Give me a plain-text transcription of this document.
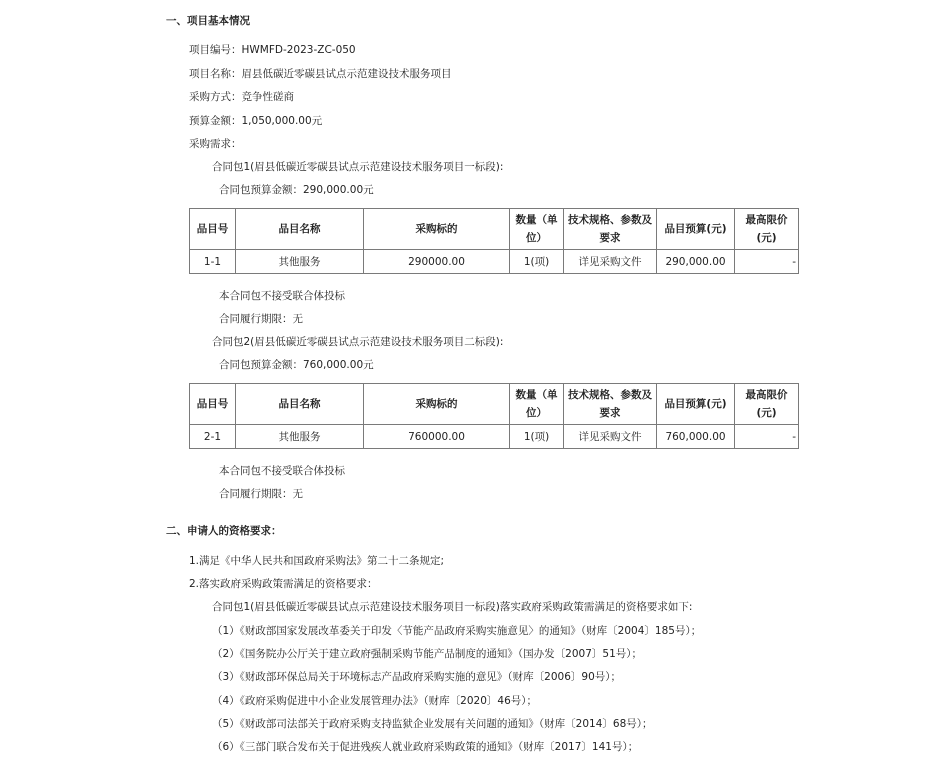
一、项目基本情况
项目编号：HWMFD-2023-ZC-050
项目名称：眉县低碳近零碳县试点示范建设技术服务项目
采购方式：竞争性磋商
预算金额：1,050,000.00元
采购需求：
合同包1(眉县低碳近零碳县试点示范建设技术服务项目一标段):
合同包预算金额：290,000.00元
品目号	品目名称	采购标的	数量（单位）	技术规格、参数及要求	品目预算(元)	最高限价(元)
1-1	其他服务	290000.00	1(项)	详见采购文件	290,000.00	-
本合同包不接受联合体投标
合同履行期限：无
合同包2(眉县低碳近零碳县试点示范建设技术服务项目二标段):
合同包预算金额：760,000.00元
品目号	品目名称	采购标的	数量（单位）	技术规格、参数及要求	品目预算(元)	最高限价(元)
2-1	其他服务	760000.00	1(项)	详见采购文件	760,000.00	-
本合同包不接受联合体投标
合同履行期限：无
二、申请人的资格要求：
1.满足《中华人民共和国政府采购法》第二十二条规定;
2.落实政府采购政策需满足的资格要求：
合同包1(眉县低碳近零碳县试点示范建设技术服务项目一标段)落实政府采购政策需满足的资格要求如下:
（1）《财政部国家发展改革委关于印发〈节能产品政府采购实施意见〉的通知》（财库〔2004〕185号）；
（2）《国务院办公厅关于建立政府强制采购节能产品制度的通知》（国办发〔2007〕51号）；
（3）《财政部环保总局关于环境标志产品政府采购实施的意见》（财库〔2006〕90号）；
（4）《政府采购促进中小企业发展管理办法》（财库〔2020〕46号）；
（5）《财政部司法部关于政府采购支持监狱企业发展有关问题的通知》（财库〔2014〕68号）；
（6）《三部门联合发布关于促进残疾人就业政府采购政策的通知》（财库〔2017〕141号）；
